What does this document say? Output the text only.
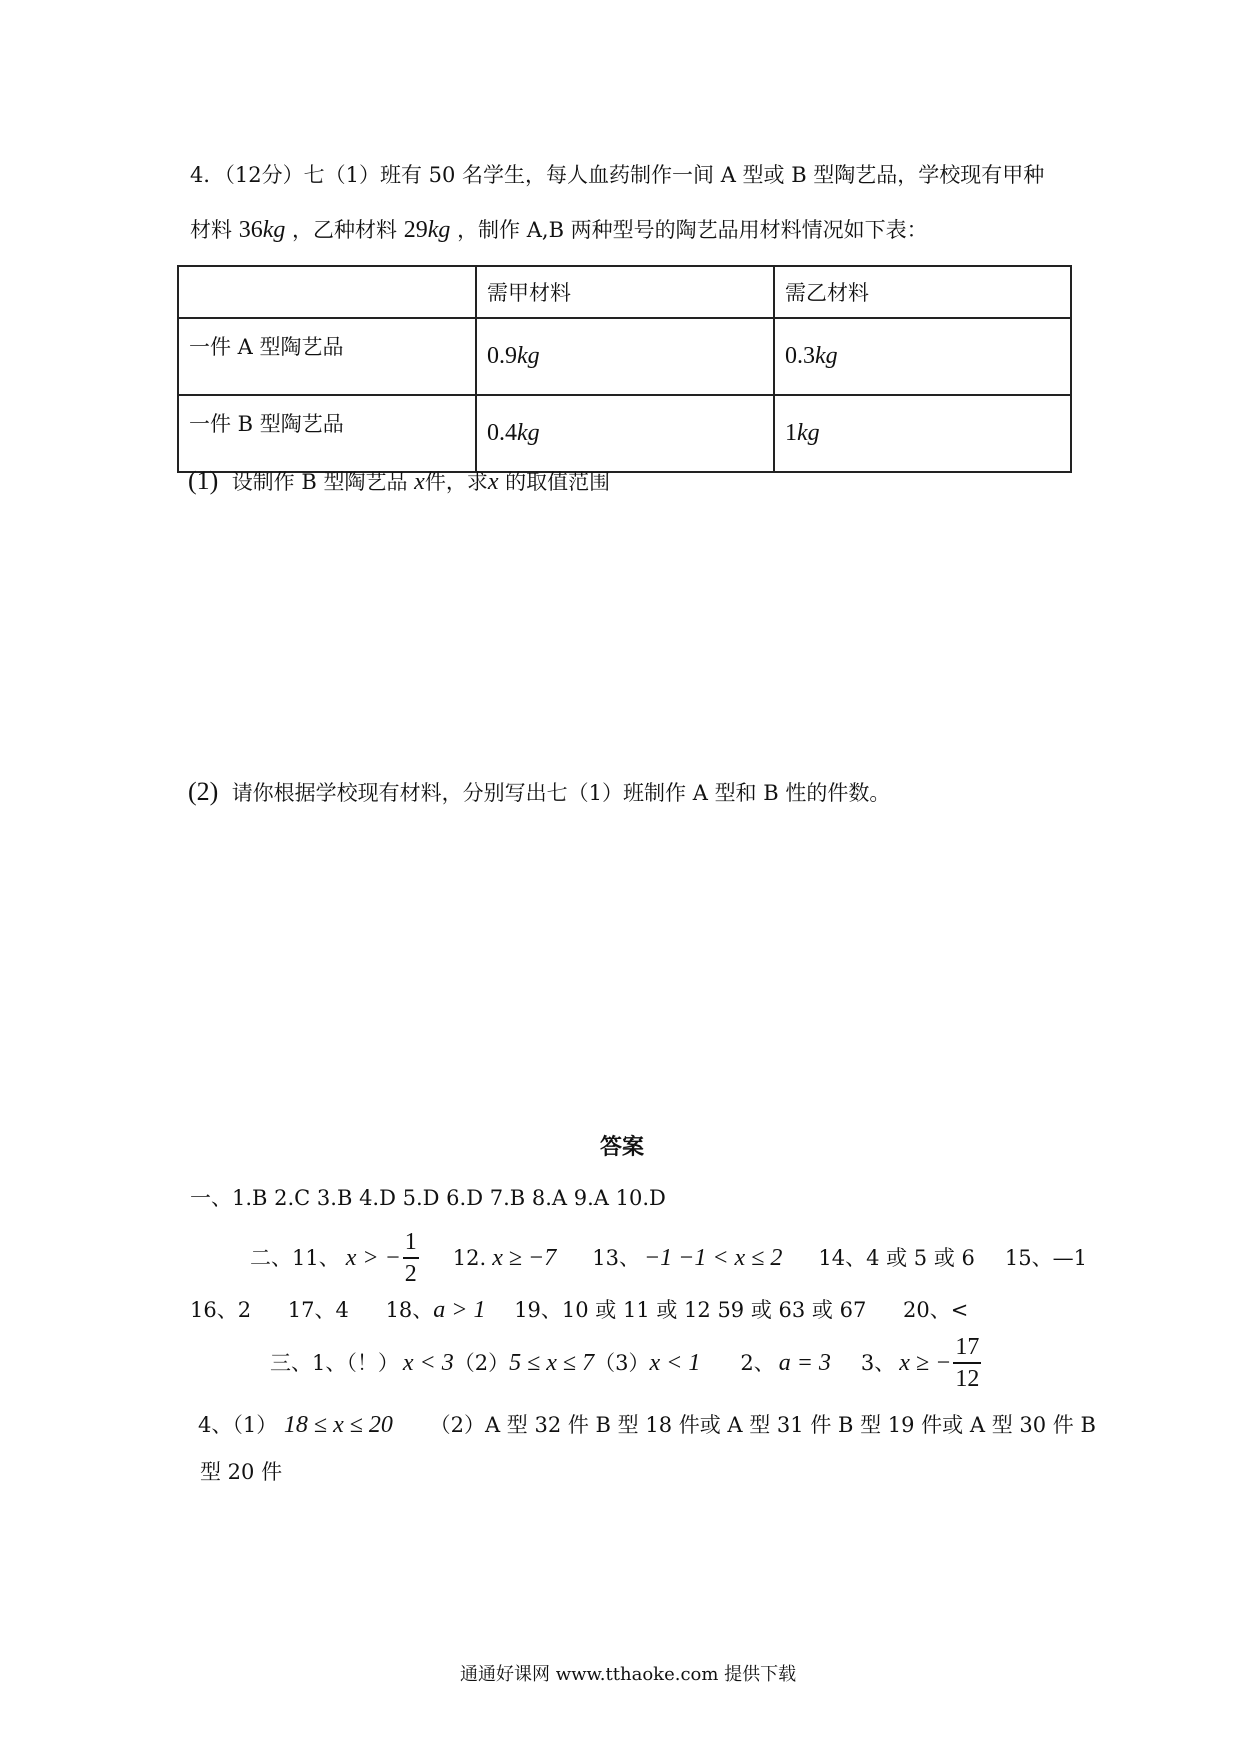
4．（12分）七（1）班有 50 名学生，每人血药制作一间 A 型或 B 型陶艺品，学校现有甲种
材料 36kg ，乙种材料 29kg ，制作 A,B 两种型号的陶艺品用材料情况如下表：
	需甲材料	需乙材料
一件 A 型陶艺品	0.9kg	0.3kg
一件 B 型陶艺品	0.4kg	1kg
(1) 设制作 B 型陶艺品 x件，求x 的取值范围
(2) 请你根据学校现有材料，分别写出七（1）班制作 A 型和 B 性的件数。
答案
一、1.B 2.C 3.B 4.D 5.D 6.D 7.B 8.A 9.A 10.D
二、11、 x > − $\frac{1}{2} 12$. x ≥ −7 13、 −1 −1 < x ≤ 2 14、4 或 5 或 6 15、—1
16、2 17、4 18、a > 1 19、10 或 11 或 12 59 或 63 或 67 20、<
三、1、（！） x < 3 （2） 5 ≤ x ≤ 7 （3） x < 1 2、 a = 3 3、 x ≥ − $\frac{17}{12}$
4、（1） 18 ≤ x ≤ 20 （2）A 型 32 件 B 型 18 件或 A 型 31 件 B 型 19 件或 A 型 30 件 B
型 20 件
通通好课网 www.tthaoke.com 提供下载
